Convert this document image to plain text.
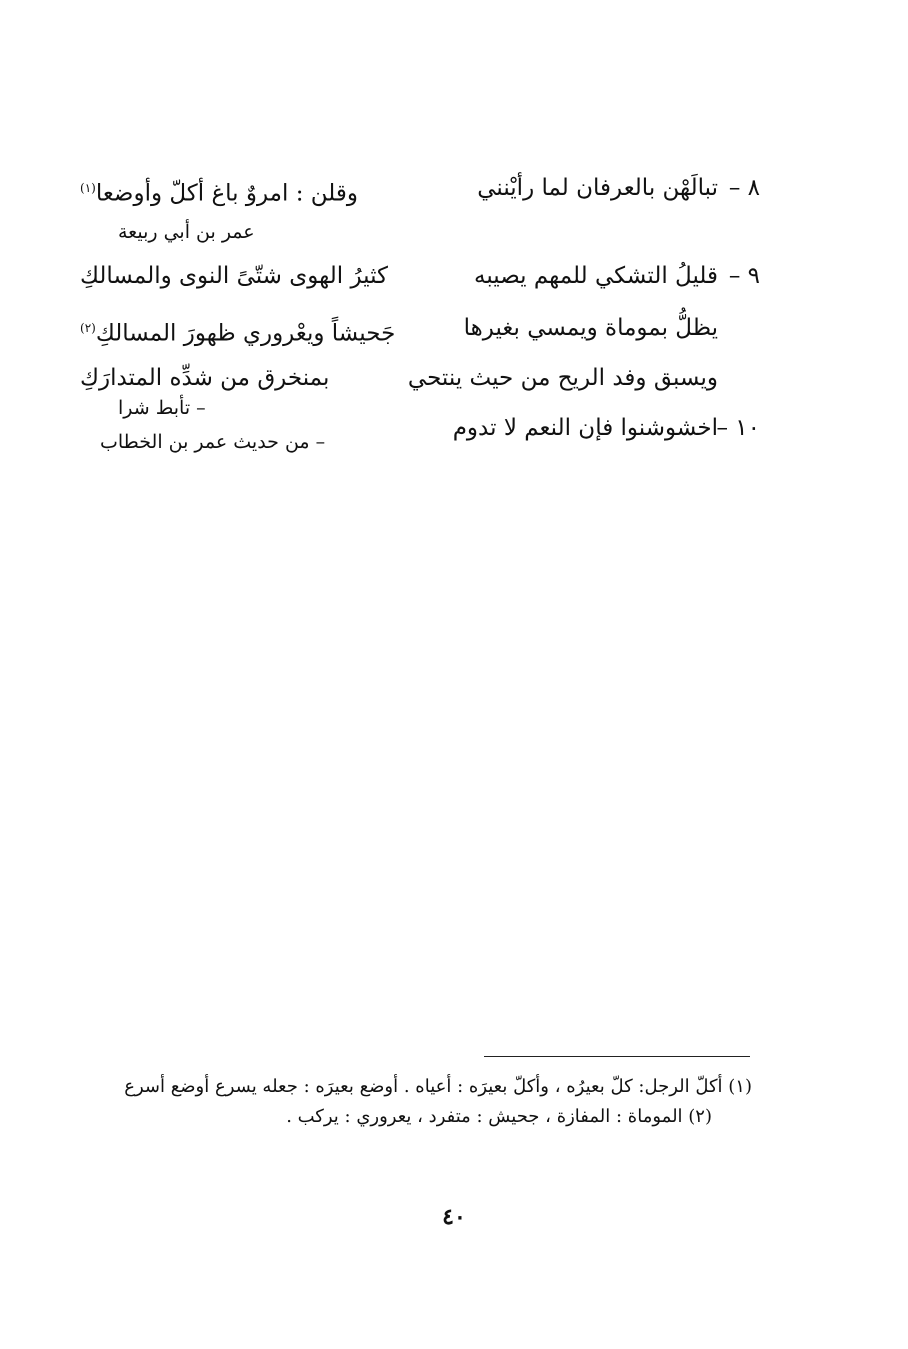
٨ –تبالَهْن بالعرفان لما رأيْنني
وقلن : امروٌ باغ أكلّ وأوضعا$^{(١)}$
عمر بن أبي ربيعة
٩ –قليلُ التشكي للمهم يصيبه
كثيرُ الهوى شتّىً النوى والمسالكِ
يظلُّ بموماة ويمسي بغيرها
جَحيشاً ويعْروري ظهورَ المسالكِ$^{(٢)}$
ويسبق وفد الريح من حيث ينتحي
بمنخرق من شدِّه المتدارَكِ
– تأبط شرا
١٠ –اخشوشنوا فإن النعم لا تدوم
– من حديث عمر بن الخطاب

(١) أكلّ الرجل: كلّ بعيرُه ، وأكلّ بعيرَه : أعياه . أوضع بعيرَه : جعله يسرع أوضع أسرع

(٢) الموماة : المفازة ، جحيش : متفرد ، يعروري : يركب .

٤٠
